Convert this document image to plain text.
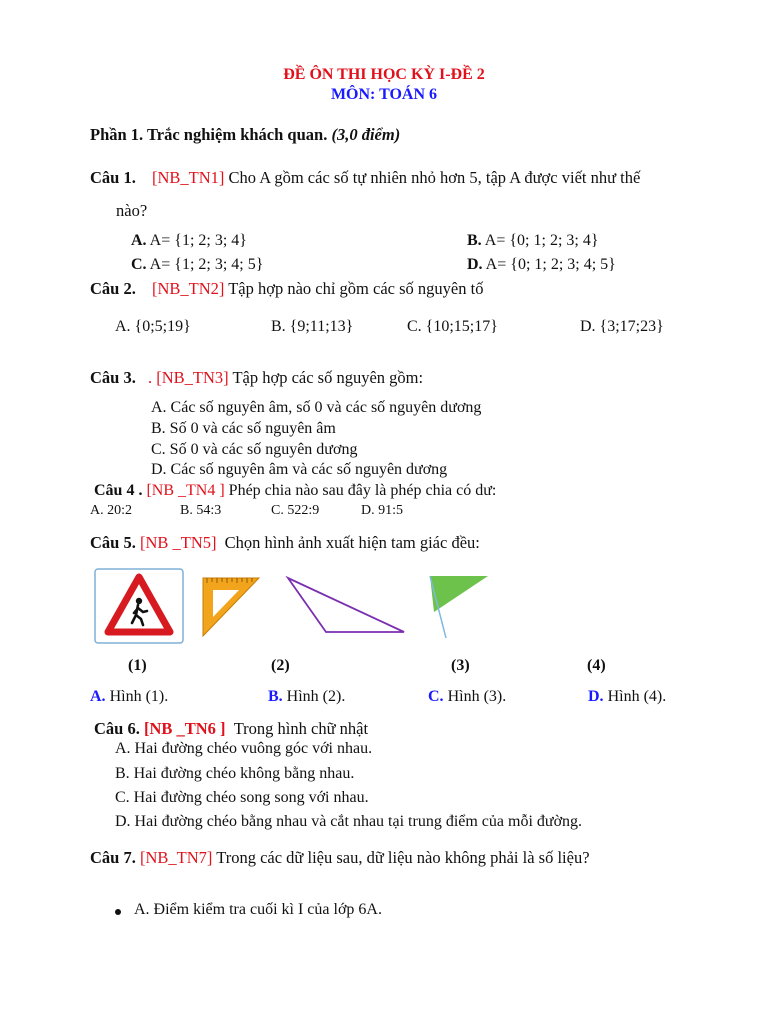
ĐỀ ÔN THI HỌC KỲ I-ĐỀ 2
MÔN: TOÁN 6
Phần 1. Trắc nghiệm khách quan. (3,0 điểm)
Câu 1. [NB_TN1] Cho A gồm các số tự nhiên nhỏ hơn 5, tập A được viết như thế
nào?
A. A= {1; 2; 3; 4}	B. A= {0; 1; 2; 3; 4}
C. A= {1; 2; 3; 4; 5}	D. A= {0; 1; 2; 3; 4; 5}
Câu 2. [NB_TN2] Tập hợp nào chỉ gồm các số nguyên tố
A. {0;5;19}	B. {9;11;13}	C. {10;15;17}	D. {3;17;23}
Câu 3. . [NB_TN3] Tập hợp các số nguyên gồm:
A. Các số nguyên âm, số 0 và các số nguyên dương
B. Số 0 và các số nguyên âm
C. Số 0 và các số nguyên dương
D. Các số nguyên âm và các số nguyên dương
Câu 4 . [NB _TN4 ] Phép chia nào sau đây là phép chia có dư:
A. 20:2	B. 54:3	C. 522:9	D. 91:5
Câu 5. [NB _TN5] Chọn hình ảnh xuất hiện tam giác đều:
(1)	(2)	(3)	(4)
A. Hình (1).	B. Hình (2).	C. Hình (3).	D. Hình (4).
Câu 6. [NB _TN6 ] Trong hình chữ nhật
A. Hai đường chéo vuông góc với nhau.
B. Hai đường chéo không bằng nhau.
C. Hai đường chéo song song với nhau.
D. Hai đường chéo bằng nhau và cắt nhau tại trung điểm của mỗi đường.
Câu 7. [NB_TN7] Trong các dữ liệu sau, dữ liệu nào không phải là số liệu?
A. Điểm kiểm tra cuối kì I của lớp 6A.
